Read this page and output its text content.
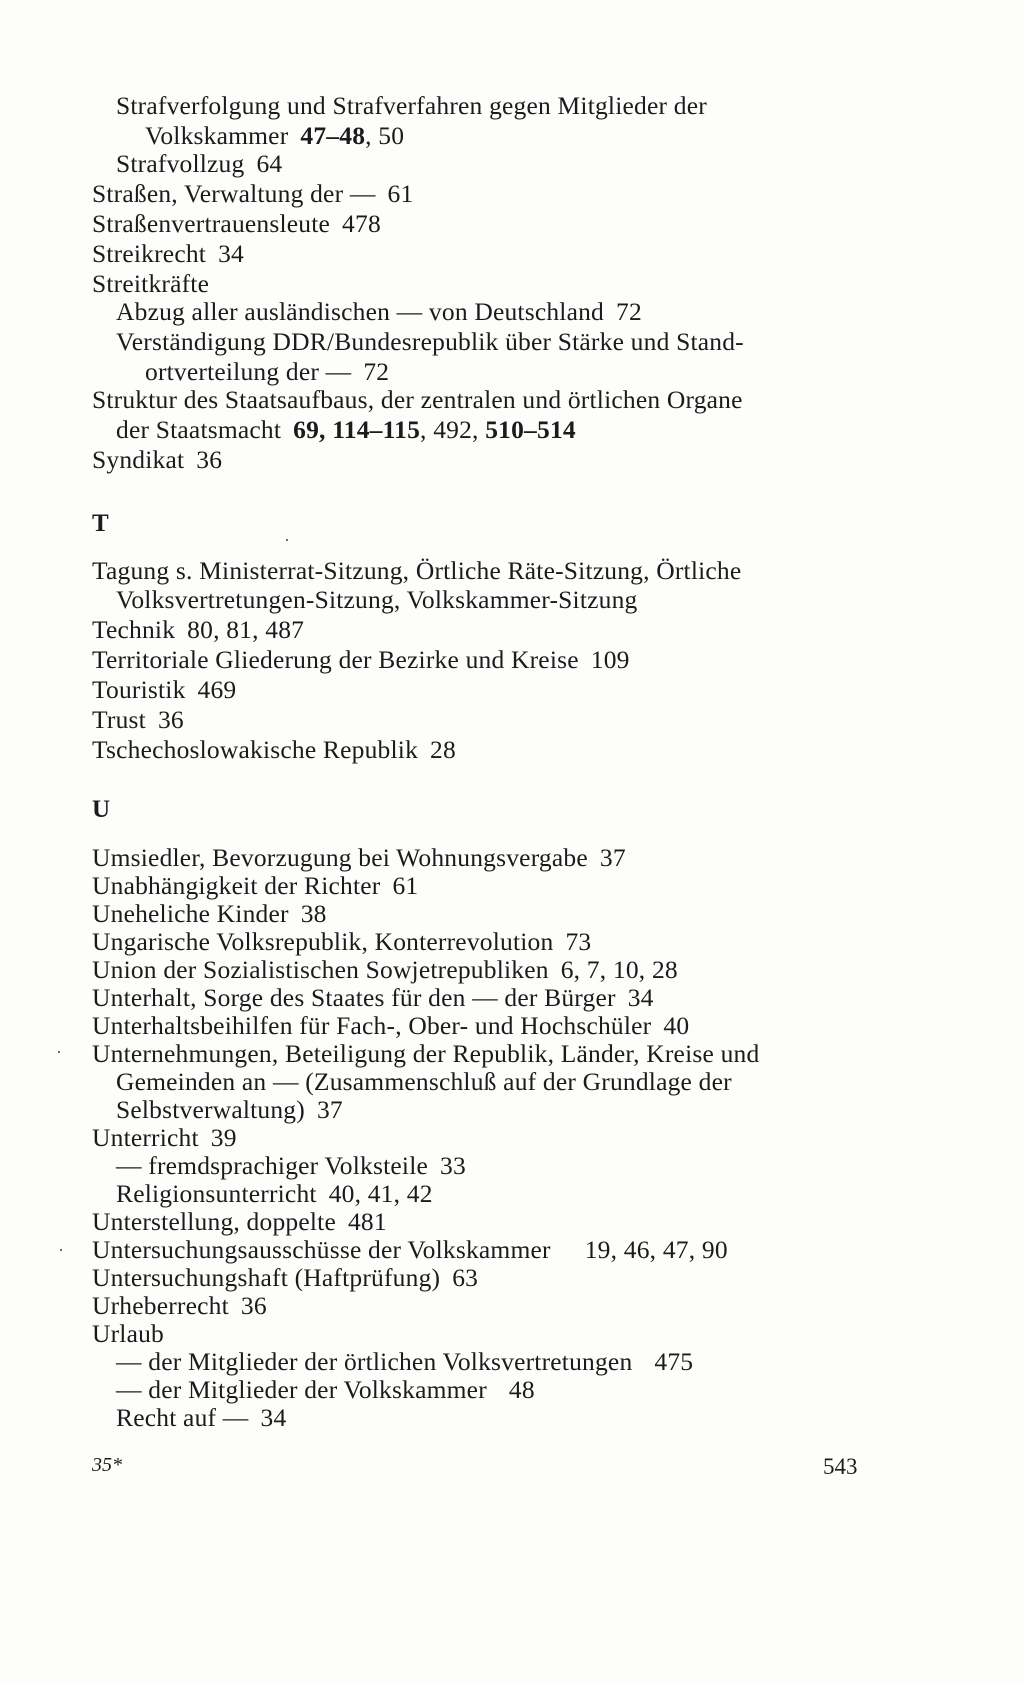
Strafverfolgung und Strafverfahren gegen Mitglieder der
Volkskammer 47–48, 50
Strafvollzug 64
Straßen, Verwaltung der — 61
Straßenvertrauensleute 478
Streikrecht 34
Streitkräfte
Abzug aller ausländischen — von Deutschland 72
Verständigung DDR/Bundesrepublik über Stärke und Stand-
ortverteilung der — 72
Struktur des Staatsaufbaus, der zentralen und örtlichen Organe
der Staatsmacht 69, 114–115, 492, 510–514
Syndikat 36
T
Tagung s. Ministerrat-Sitzung, Örtliche Räte-Sitzung, Örtliche
Volksvertretungen-Sitzung, Volkskammer-Sitzung
Technik 80, 81, 487
Territoriale Gliederung der Bezirke und Kreise 109
Touristik 469
Trust 36
Tschechoslowakische Republik 28
U
Umsiedler, Bevorzugung bei Wohnungsvergabe 37
Unabhängigkeit der Richter 61
Uneheliche Kinder 38
Ungarische Volksrepublik, Konterrevolution 73
Union der Sozialistischen Sowjetrepubliken 6, 7, 10, 28
Unterhalt, Sorge des Staates für den — der Bürger 34
Unterhaltsbeihilfen für Fach-, Ober- und Hochschüler 40
Unternehmungen, Beteiligung der Republik, Länder, Kreise und
Gemeinden an — (Zusammenschluß auf der Grundlage der
Selbstverwaltung) 37
Unterricht 39
— fremdsprachiger Volksteile 33
Religionsunterricht 40, 41, 42
Unterstellung, doppelte 481
Untersuchungsausschüsse der Volkskammer 19, 46, 47, 90
Untersuchungshaft (Haftprüfung) 63
Urheberrecht 36
Urlaub
— der Mitglieder der örtlichen Volksvertretungen 475
— der Mitglieder der Volkskammer 48
Recht auf — 34
·
·
·
35*	543
